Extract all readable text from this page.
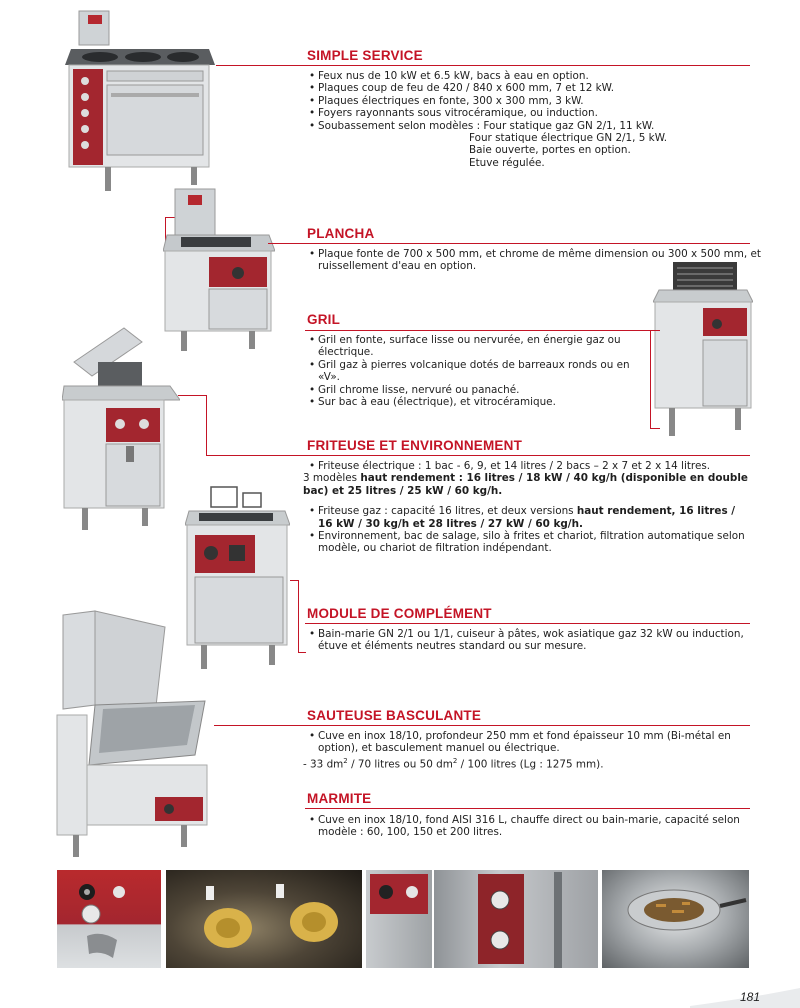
181
SIMPLE SERVICE

• Feux nus de 10 kW et 6.5 kW, bacs à eau en option.

• Plaques coup de feu de 420 / 840 x 600 mm, 7 et 12 kW.

• Plaques électriques en fonte, 300 x 300 mm, 3 kW.

• Foyers rayonnants sous vitrocéramique, ou induction.

• Soubassement selon modèles : Four statique gaz GN 2/1, 11 kW.

Four statique électrique GN 2/1, 5 kW.

Baie ouverte, portes en option.

Etuve régulée.

PLANCHA

• Plaque fonte de 700 x 500 mm, et chrome de même dimension ou 300 x 500 mm, et ruissellement d'eau en option.

GRIL

• Gril en fonte, surface lisse ou nervurée, en énergie gaz ou électrique.

• Gril gaz à pierres volcanique dotés de barreaux ronds ou en «V».

• Gril chrome lisse, nervuré ou panaché.

• Sur bac à eau (électrique), et vitrocéramique.

FRITEUSE ET ENVIRONNEMENT

• Friteuse électrique : 1 bac - 6, 9, et 14 litres / 2 bacs – 2 x 7 et 2 x 14 litres.

3 modèles haut rendement : 16 litres / 18 kW / 40 kg/h (disponible en double bac) et 25 litres / 25 kW / 60 kg/h.

• Friteuse gaz : capacité 16 litres, et deux versions haut rendement, 16 litres / 16 kW / 30 kg/h et 28 litres / 27 kW / 60 kg/h.

• Environnement, bac de salage, silo à frites et chariot, filtration automatique selon modèle, ou chariot de filtration indépendant.

MODULE DE COMPLÉMENT

• Bain-marie GN 2/1 ou 1/1, cuiseur à pâtes, wok asiatique gaz 32 kW ou induction, étuve et éléments neutres standard ou sur mesure.

SAUTEUSE BASCULANTE

• Cuve en inox 18/10, profondeur 250 mm et fond épaisseur 10 mm (Bi-métal en option), et basculement manuel ou électrique.

- 33 $dm^2 / 70$ litres ou 50 $dm^2 / 100$ litres (Lg : 1275 mm).

MARMITE

• Cuve en inox 18/10, fond AISI 316 L, chauffe direct ou bain-marie, capacité selon modèle : 60, 100, 150 et 200 litres.
